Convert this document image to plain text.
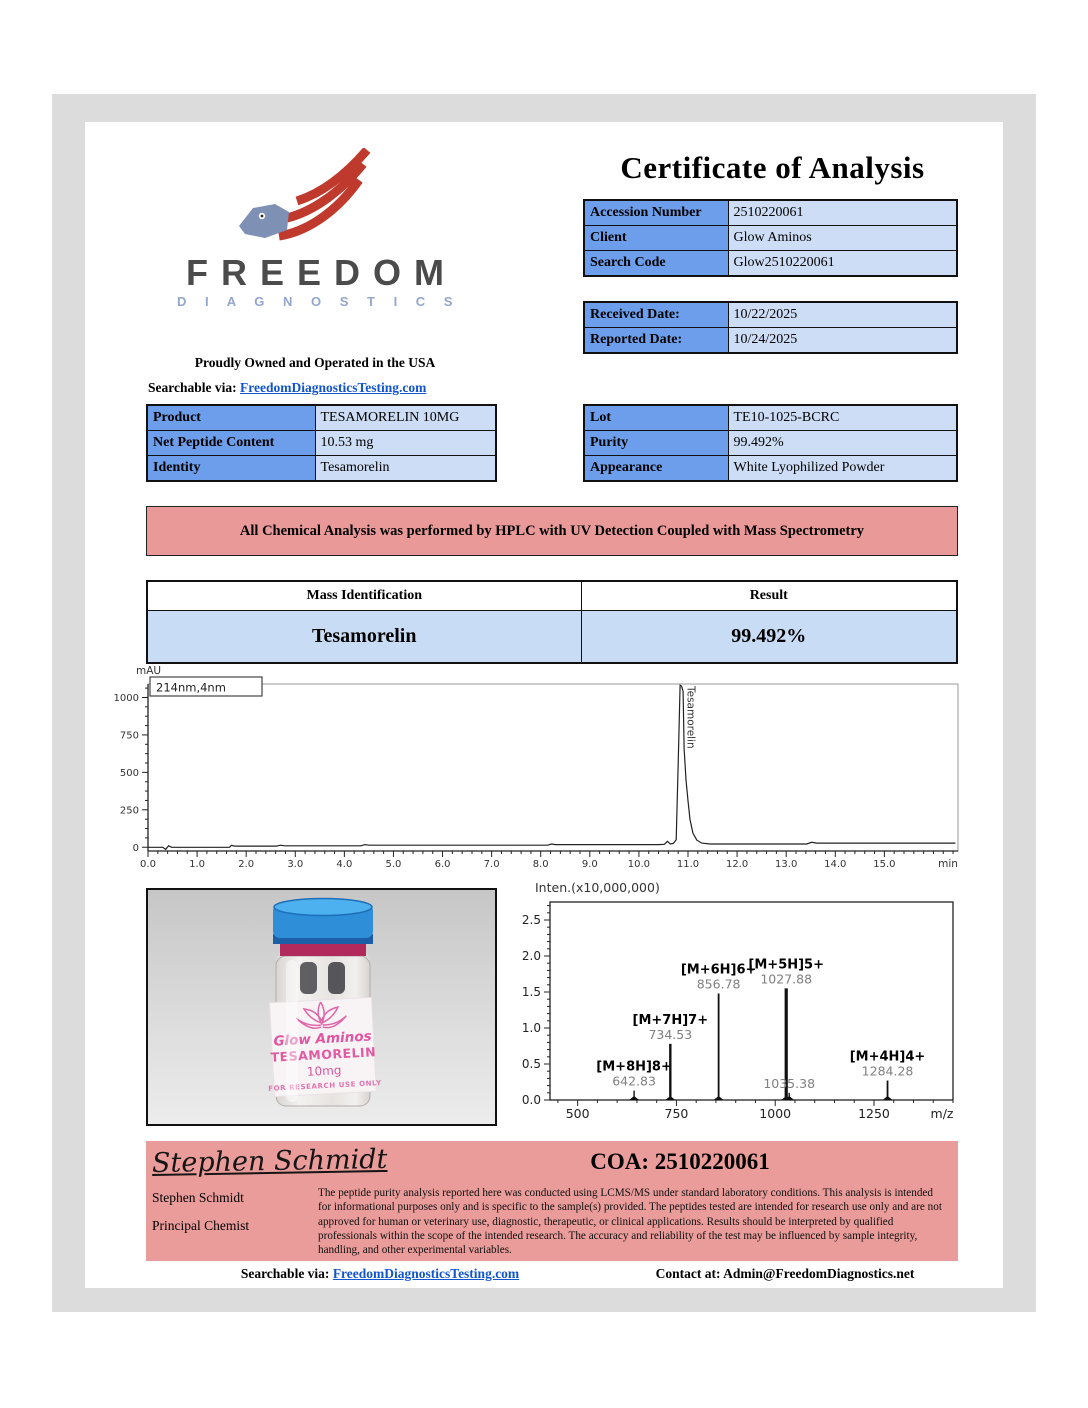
FREEDOM
D I A G N O S T I C S
Proudly Owned and Operated in the USA
Searchable via: FreedomDiagnosticsTesting.com
Certificate of Analysis
Accession Number	2510220061
Client	Glow Aminos
Search Code	Glow2510220061
Received Date:	10/22/2025
Reported Date:	10/24/2025
Product	TESAMORELIN 10MG
Net Peptide Content	10.53 mg
Identity	Tesamorelin
Lot	TE10-1025-BCRC
Purity	99.492%
Appearance	White Lyophilized Powder
All Chemical Analysis was performed by HPLC with UV Detection Coupled with Mass Spectrometry
Mass Identification	Result
Tesamorelin	99.492%
0
250
500
750
1000
0.0	1.0	2.0	3.0	4.0	5.0	6.0	7.0	8.0	9.0	10.0	11.0	12.0	13.0	14.0	15.0	min
Tesamorelin
mAU
214nm,4nm
Glow Aminos
TESAMORELIN
10mg
FOR RESEARCH USE ONLY
Inten.(x10,000,000)
0.0
0.5
1.0
1.5
2.0
2.5
500	750	1000	1250	m/z
642.83
[M+8H]8+
734.53
[M+7H]7+
856.78
[M+6H]6+
1027.88
[M+5H]5+
1035.38
1284.28
[M+4H]4+
Stephen Schmidt	COA: 2510220061
Stephen Schmidt
Principal Chemist
The peptide purity analysis reported here was conducted using LCMS/MS under standard laboratory conditions. This analysis is intended for informational purposes only and is specific to the sample(s) provided. The peptides tested are intended for research use only and are not approved for human or veterinary use, diagnostic, therapeutic, or clinical applications. Results should be interpreted by qualified professionals within the scope of the intended research. The accuracy and reliability of the test may be influenced by sample integrity, handling, and other experimental variables.
Searchable via: FreedomDiagnosticsTesting.com	Contact at: Admin@FreedomDiagnostics.net
